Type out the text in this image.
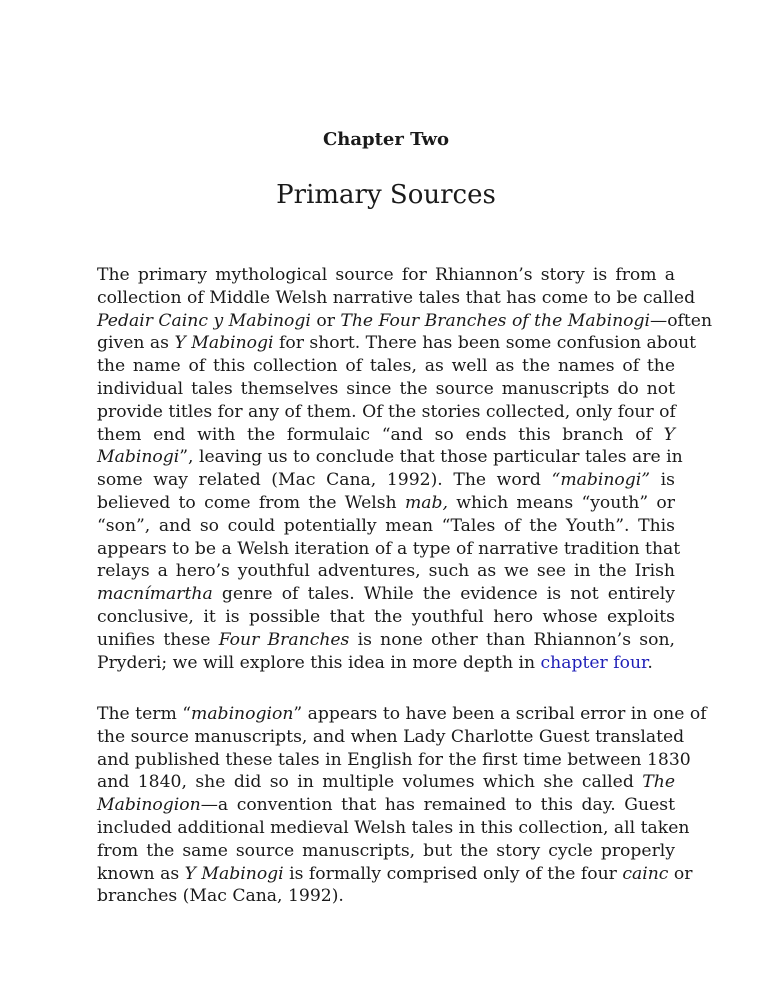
Chapter Two
Primary Sources
The primary mythological source for Rhiannon’s story is from a
collection of Middle Welsh narrative tales that has come to be called
Pedair Cainc y Mabinogi or The Four Branches of the Mabinogi—often
given as Y Mabinogi for short. There has been some confusion about
the name of this collection of tales, as well as the names of the
individual tales themselves since the source manuscripts do not
provide titles for any of them. Of the stories collected, only four of
them end with the formulaic “and so ends this branch of Y
Mabinogi”, leaving us to conclude that those particular tales are in
some way related (Mac Cana, 1992). The word “mabinogi” is
believed to come from the Welsh mab, which means “youth” or
“son”, and so could potentially mean “Tales of the Youth”. This
appears to be a Welsh iteration of a type of narrative tradition that
relays a hero’s youthful adventures, such as we see in the Irish
macnímartha genre of tales. While the evidence is not entirely
conclusive, it is possible that the youthful hero whose exploits
unifies these Four Branches is none other than Rhiannon’s son,
Pryderi; we will explore this idea in more depth in chapter four.
The term “mabinogion” appears to have been a scribal error in one of
the source manuscripts, and when Lady Charlotte Guest translated
and published these tales in English for the first time between 1830
and 1840, she did so in multiple volumes which she called The
Mabinogion—a convention that has remained to this day. Guest
included additional medieval Welsh tales in this collection, all taken
from the same source manuscripts, but the story cycle properly
known as Y Mabinogi is formally comprised only of the four cainc or
branches (Mac Cana, 1992).
